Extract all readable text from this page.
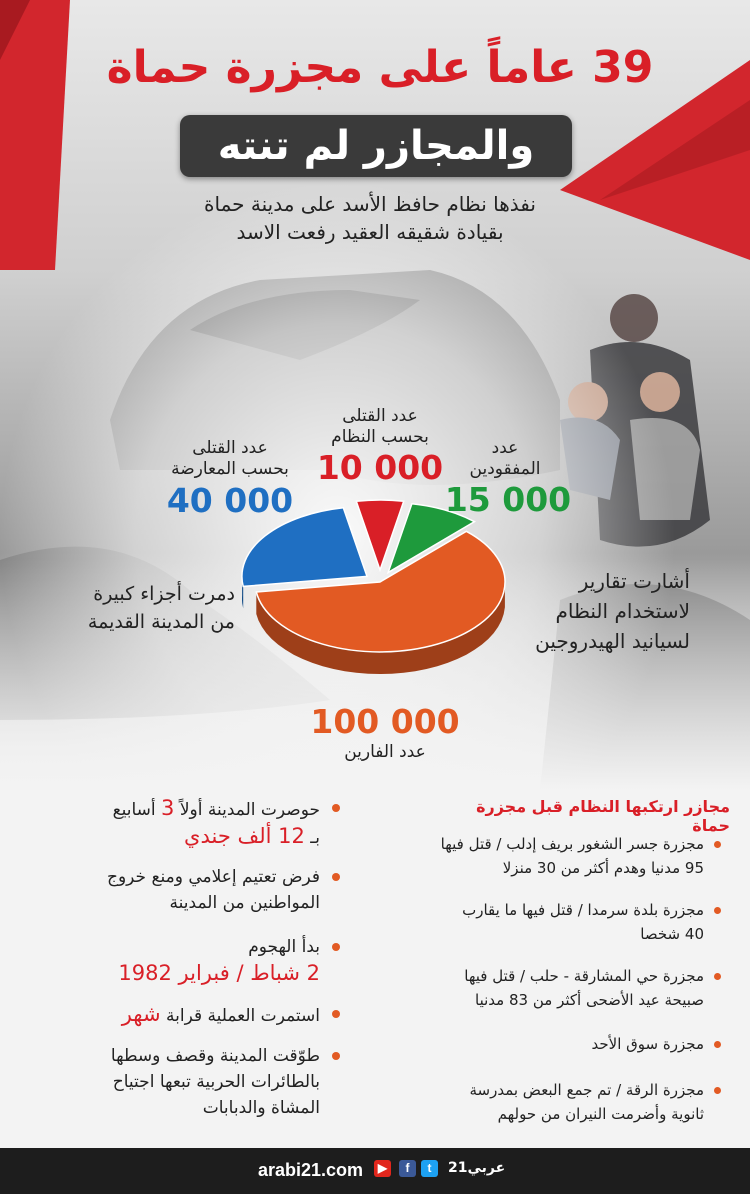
39 عاماً على مجزرة حماة
والمجازر لم تنته
نفذها نظام حافظ الأسد على مدينة حماة
بقيادة شقيقه العقيد رفعت الاسد
عدد القتلى
بحسب النظام
10 000	عدد
المفقودين
15 000
عدد القتلى
بحسب المعارضة
40 000
100 000
عدد الفارين
دمرت أجزاء كبيرة
من المدينة القديمة
أشارت تقارير
لاستخدام النظام
لسيانيد الهيدروجين
حوصرت المدينة أولاً 3 أسابيع
بـ 12 ألف جندي
فرض تعتيم إعلامي ومنع خروج
المواطنين من المدينة
بدأ الهجوم
2 شباط / فبراير 1982
استمرت العملية قرابة شهر
طوّقت المدينة وقصف وسطها
بالطائرات الحربية تبعها اجتياح
المشاة والدبابات
مجازر ارتكبها النظام قبل مجزرة حماة
مجزرة جسر الشغور بريف إدلب / قتل فيها
95 مدنيا وهدم أكثر من 30 منزلا
مجزرة بلدة سرمدا / قتل فيها ما يقارب
40 شخصا
مجزرة حي المشارقة - حلب / قتل فيها
صبيحة عيد الأضحى أكثر من 83 مدنيا
مجزرة سوق الأحد
مجزرة الرقة / تم جمع البعض بمدرسة
ثانوية وأضرمت النيران من حولهم
arabi21.com	▶	f	t	عربي21
